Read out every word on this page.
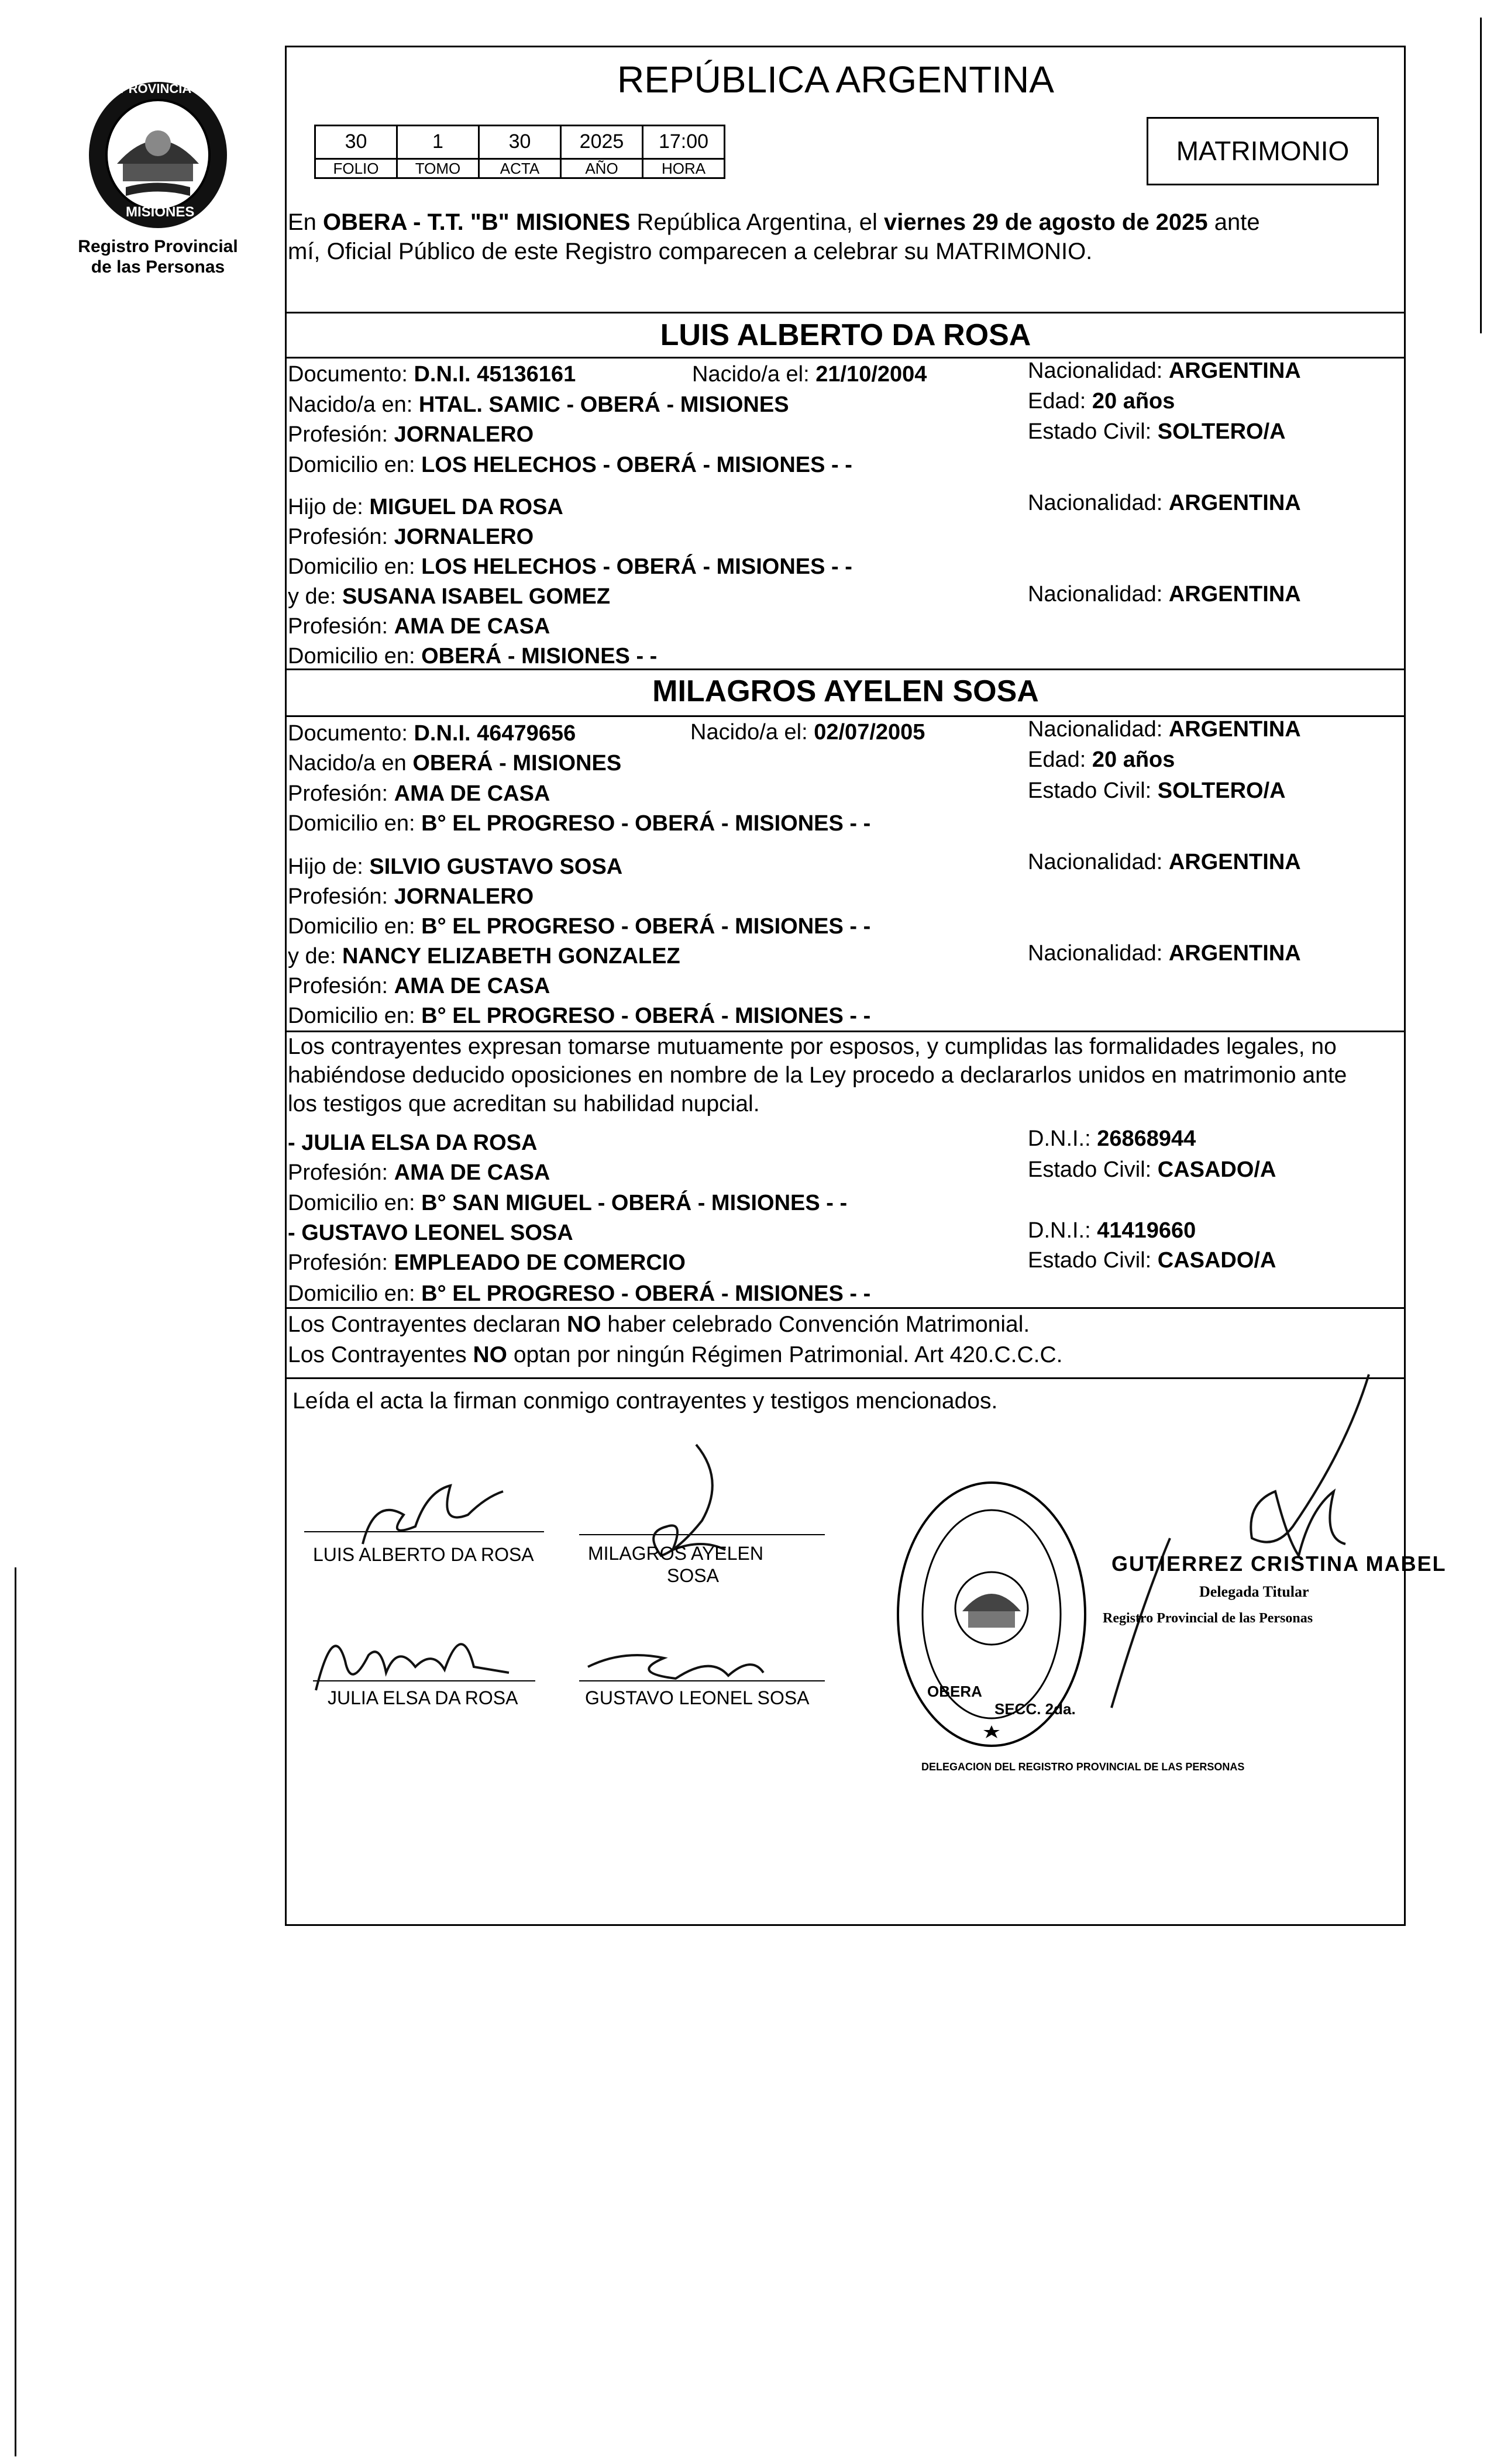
PROVINCIA DE
MISIONES
Registro Provincial
de las Personas
REPÚBLICA ARGENTINA
30	1	30	2025	17:00
FOLIO	TOMO	ACTA	AÑO	HORA
MATRIMONIO
En OBERA - T.T. "B" MISIONES República Argentina, el viernes 29 de agosto de 2025 ante
mí, Oficial Público de este Registro comparecen a celebrar su MATRIMONIO.
LUIS ALBERTO DA ROSA
Documento: D.N.I. 45136161	Nacido/a el: 21/10/2004	Nacionalidad: ARGENTINA
Nacido/a en: HTAL. SAMIC - OBERÁ - MISIONES	Edad: 20 años
Profesión: JORNALERO	Estado Civil: SOLTERO/A
Domicilio en: LOS HELECHOS - OBERÁ - MISIONES - -
Hijo de: MIGUEL DA ROSA	Nacionalidad: ARGENTINA
Profesión: JORNALERO
Domicilio en: LOS HELECHOS - OBERÁ - MISIONES - -
y de: SUSANA ISABEL GOMEZ	Nacionalidad: ARGENTINA
Profesión: AMA DE CASA
Domicilio en: OBERÁ - MISIONES - -
MILAGROS AYELEN SOSA
Documento: D.N.I. 46479656	Nacido/a el: 02/07/2005	Nacionalidad: ARGENTINA
Nacido/a en OBERÁ - MISIONES	Edad: 20 años
Profesión: AMA DE CASA	Estado Civil: SOLTERO/A
Domicilio en: B° EL PROGRESO - OBERÁ - MISIONES - -
Hijo de: SILVIO GUSTAVO SOSA	Nacionalidad: ARGENTINA
Profesión: JORNALERO
Domicilio en: B° EL PROGRESO - OBERÁ - MISIONES - -
y de: NANCY ELIZABETH GONZALEZ	Nacionalidad: ARGENTINA
Profesión: AMA DE CASA
Domicilio en: B° EL PROGRESO - OBERÁ - MISIONES - -
Los contrayentes expresan tomarse mutuamente por esposos, y cumplidas las formalidades legales, no
habiéndose deducido oposiciones en nombre de la Ley procedo a declararlos unidos en matrimonio ante
los testigos que acreditan su habilidad nupcial.
- JULIA ELSA DA ROSA	D.N.I.: 26868944
Profesión: AMA DE CASA	Estado Civil: CASADO/A
Domicilio en: B° SAN MIGUEL - OBERÁ - MISIONES - -
- GUSTAVO LEONEL SOSA	D.N.I.: 41419660
Profesión: EMPLEADO DE COMERCIO	Estado Civil: CASADO/A
Domicilio en: B° EL PROGRESO - OBERÁ - MISIONES - -
Los Contrayentes declaran NO haber celebrado Convención Matrimonial.
Los Contrayentes NO optan por ningún Régimen Patrimonial. Art 420.C.C.C.
Leída el acta la firman conmigo contrayentes y testigos mencionados.
LUIS ALBERTO DA ROSA	MILAGROS AYELEN
SOSA
JULIA ELSA DA ROSA	GUSTAVO LEONEL SOSA
DELEGACION DEL REGISTRO PROVINCIAL DE LAS PERSONAS
OBERA
SECC. 2da.
GUTIERREZ CRISTINA MABEL
Delegada Titular
Registro Provincial de las Personas
